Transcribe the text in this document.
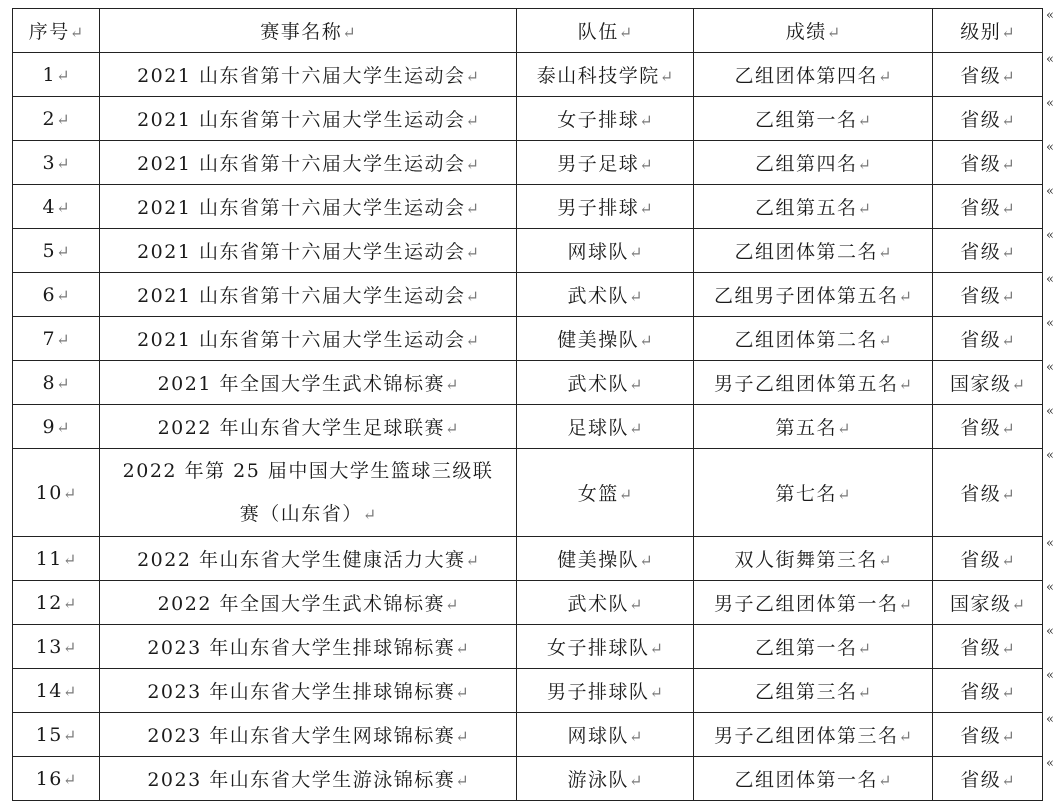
序号↵	赛事名称↵	队伍↵	成绩↵	级别↵
1↵	2021 山东省第十六届大学生运动会↵	泰山科技学院↵	乙组团体第四名↵	省级↵
2↵	2021 山东省第十六届大学生运动会↵	女子排球↵	乙组第一名↵	省级↵
3↵	2021 山东省第十六届大学生运动会↵	男子足球↵	乙组第四名↵	省级↵
4↵	2021 山东省第十六届大学生运动会↵	男子排球↵	乙组第五名↵	省级↵
5↵	2021 山东省第十六届大学生运动会↵	网球队↵	乙组团体第二名↵	省级↵
6↵	2021 山东省第十六届大学生运动会↵	武术队↵	乙组男子团体第五名↵	省级↵
7↵	2021 山东省第十六届大学生运动会↵	健美操队↵	乙组团体第二名↵	省级↵
8↵	2021 年全国大学生武术锦标赛↵	武术队↵	男子乙组团体第五名↵	国家级↵
9↵	2022 年山东省大学生足球联赛↵	足球队↵	第五名↵	省级↵
10↵	2022 年第 25 届中国大学生篮球三级联赛（山东省）↵	女篮↵	第七名↵	省级↵
11↵	2022 年山东省大学生健康活力大赛↵	健美操队↵	双人街舞第三名↵	省级↵
12↵	2022 年全国大学生武术锦标赛↵	武术队↵	男子乙组团体第一名↵	国家级↵
13↵	2023 年山东省大学生排球锦标赛↵	女子排球队↵	乙组第一名↵	省级↵
14↵	2023 年山东省大学生排球锦标赛↵	男子排球队↵	乙组第三名↵	省级↵
15↵	2023 年山东省大学生网球锦标赛↵	网球队↵	男子乙组团体第三名↵	省级↵
16↵	2023 年山东省大学生游泳锦标赛↵	游泳队↵	乙组团体第一名↵	省级↵
«
«
«
«
«
«
«
«
«
«
«
«
«
«
«
«
«
